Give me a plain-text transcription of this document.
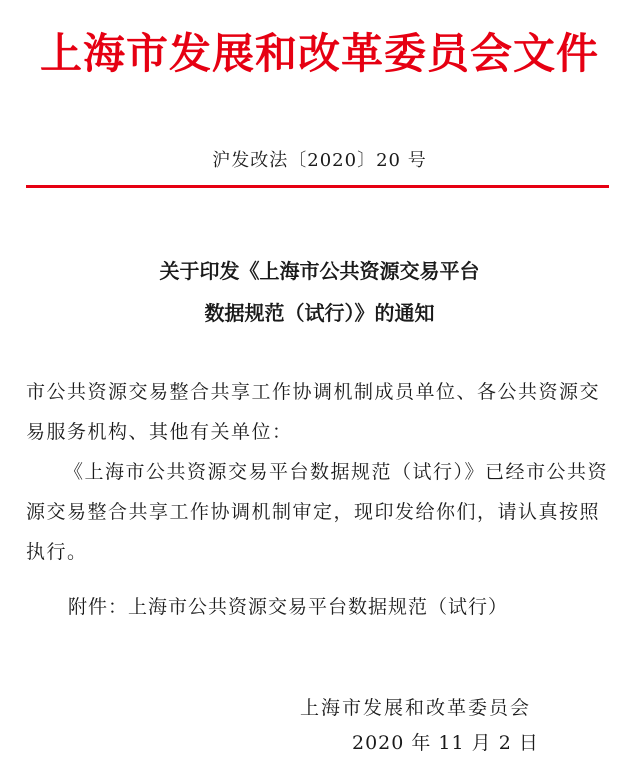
上海市发展和改革委员会文件
沪发改法〔2020〕20 号
关于印发《上海市公共资源交易平台
数据规范（试行）》的通知

市公共资源交易整合共享工作协调机制成员单位、各公共资源交易服务机构、其他有关单位：

《上海市公共资源交易平台数据规范（试行）》已经市公共资源交易整合共享工作协调机制审定，现印发给你们，请认真按照执行。

附件：上海市公共资源交易平台数据规范（试行）
上海市发展和改革委员会
2020 年 11 月 2 日
